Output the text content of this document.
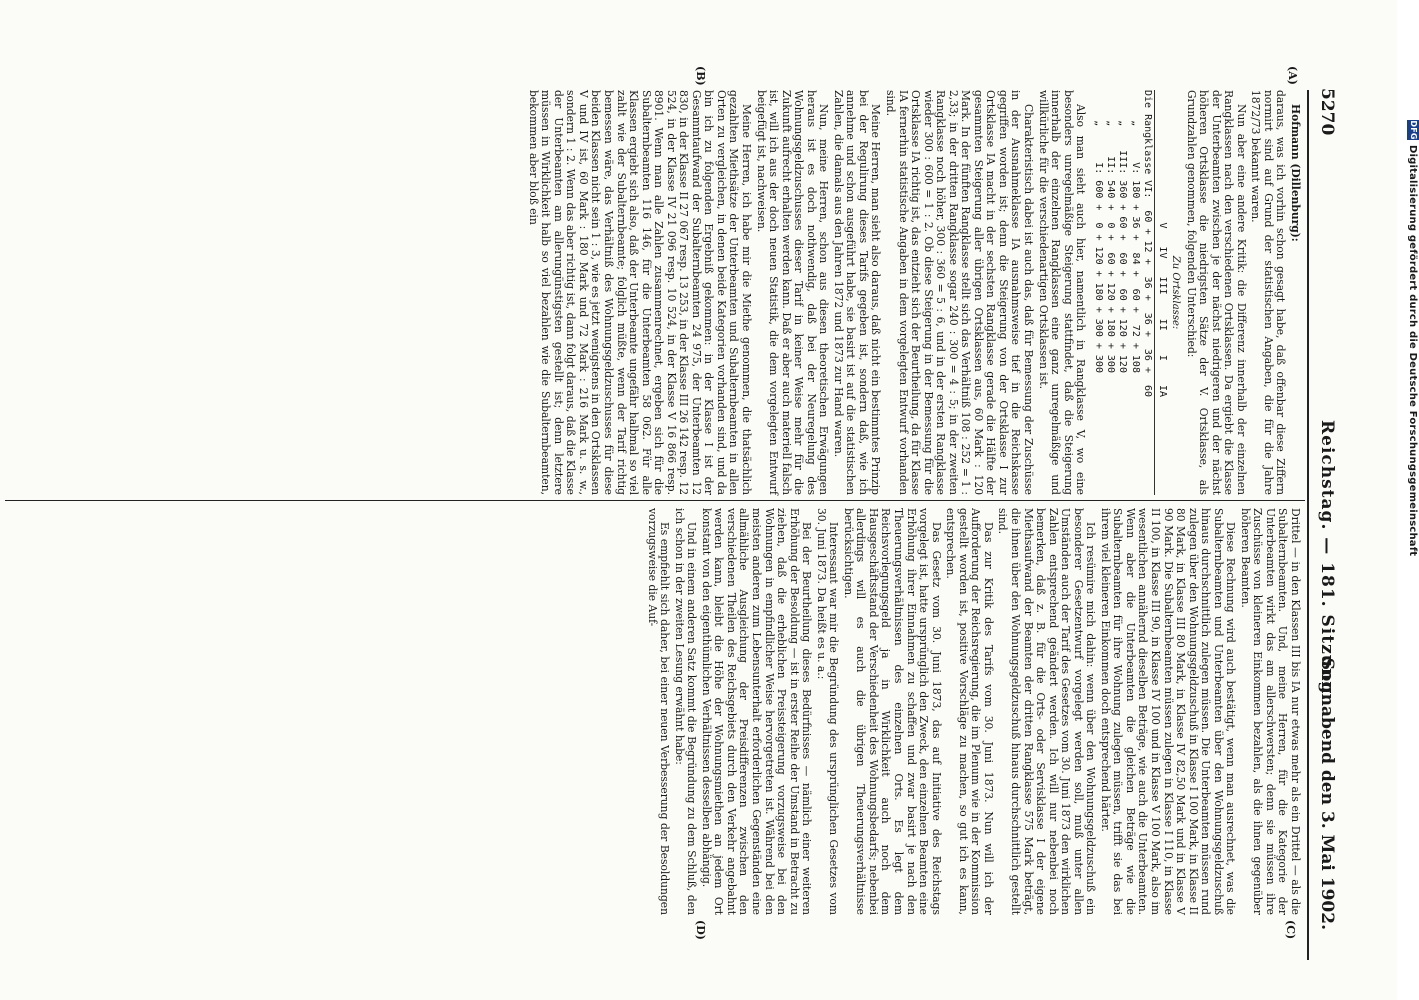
5270
Reichstag. — 181. Sitzung.
Sonnabend den 3. Mai 1902.
DFGDigitalisierung gefördert durch die Deutsche Forschungsgemeinschaft
(A)
(B)
(C)
(D)

Hofmann (Dillenburg):

daraus, was ich vorhin schon gesagt habe, daß offenbar diese Ziffern normirt sind auf Grund der statistischen Angaben, die für die Jahre 1872/73 bekannt waren.

Nun aber eine andere Kritik: die Differenz innerhalb der einzelnen Rangklassen nach den verschiedenen Ortsklassen. Da ergiebt die Klasse der Unterbeamten zwischen je der nächst niedrigeren und der nächst höheren Ortsklasse die niedrigsten Sätze der V. Ortsklasse, als Grundzahlen genommen, folgenden Unterschied:

Zu Ortsklasse:
V   IV   III    II    I    IA
Die Rangklasse VI:  60 + 12 +  36 +  36 +  36 +  60
„      V: 180 + 36 +  84 +  60 +  72 + 108
„    III: 360 + 60 +  60 +  60 + 120 + 120
„     II: 540 +  0 +  60 + 120 + 180 + 300
„      I: 600 +  0 + 120 + 180 + 300 + 300

Also man sieht auch hier, namentlich in Rangklasse V, wo eine besonders unregelmäßige Steigerung stattfindet, daß die Steigerung innerhalb der einzelnen Rangklassen eine ganz unregelmäßige und willkürliche für die verschiedenartigen Ortsklassen ist.

Charakteristisch dabei ist auch das, daß für Bemessung der Zuschüsse in der Ausnahmeklasse IA ausnahmsweise tief in die Reichskasse gegriffen worden ist; denn die Steigerung von der Ortsklasse I zur Ortsklasse IA macht in der sechsten Rangklasse gerade die Hälfte der gesammten Steigerung aller übrigen Ortsklassen aus, 60 Mark : 120 Mark. In der fünften Rangklasse stellt sich das Verhältniß 108 : 252 = 1 : 2,33; in der dritten Rangklasse sogar 240 : 300 = 4 : 5; in der zweiten Rangklasse noch höher, 300 : 360 = 5 : 6, und in der ersten Rangklasse wieder 300 : 600 = 1 : 2. Ob diese Steigerung in der Bemessung für die Ortsklasse IA richtig ist, das entzieht sich der Beurtheilung, da für Klasse IA fernerhin statistische Angaben in dem vorgelegten Entwurf vorhanden sind.

Meine Herren, man sieht also daraus, daß nicht ein bestimmtes Prinzip bei der Regulirung dieses Tarifs gegeben ist, sondern daß, wie ich annehme und schon ausgeführt habe, sie basirt ist auf die statistischen Zahlen, die damals aus den Jahren 1872 und 1873 zur Hand waren.

Nun, meine Herren, schon aus diesen theoretischen Erwägungen heraus ist es doch nothwendig, daß bei der Neuregelung des Wohnungsgeldzuschusses dieser Tarif in keiner Weise mehr für die Zukunft aufrecht erhalten werden kann. Daß er aber auch materiell falsch ist, will ich aus der doch neuen Statistik, die dem vorgelegten Entwurf beigefügt ist, nachweisen.

Meine Herren, ich habe mir die Miethe genommen, die thatsächlich gezahlten Miethsätze der Unterbeamten und Subalternbeamten in allen Orten zu vergleichen, in denen beide Kategorien vorhanden sind, und da bin ich zu folgenden Ergebniß gekommen: in der Klasse I ist der Gesammtaufwand der Subalternbeamten 24 975, der Unterbeamten 12 830, in der Klasse II 27 067 resp. 13 253, in der Klasse III 26 142 resp. 12 524, in der Klasse IV 21 096 resp. 10 524, in der Klasse V 16 866 resp. 8901. Wenn man alle Zahlen zusammenrechnet, ergeben sich für die Subalternbeamten 116 146, für die Unterbeamten 58 062. Für alle Klassen ergiebt sich also, daß der Unterbeamte ungefähr halbmal so viel zahlt wie der Subalternbeamte; folglich müßte, wenn der Tarif richtig bemessen wäre, das Verhältniß des Wohnungsgeldzuschusses für diese beiden Klassen nicht sein 1 : 3, wie es jetzt wenigstens in den Ortsklassen V und IV ist, 60 Mark : 180 Mark und 72 Mark : 216 Mark u. s. w., sondern 1 : 2. Wenn das aber richtig ist, dann folgt daraus, daß die Klasse der Unterbeamten am allerungünstigsten gestellt ist; denn letztere müssen in Wirklichkeit halb so viel bezahlen wie die Subalternbeamten, bekommen aber bloß ein

Drittel — in den Klassen III bis IA nur etwas mehr als ein Drittel — als die Subalternbeamten. Und, meine Herren, für die Kategorie der Unterbeamten wirkt das am allerschwersten; denn sie müssen ihre Zuschüsse von kleineren Einkommen bezahlen, als die ihnen gegenüber höheren Beamten.

Diese Rechnung wird auch bestätigt, wenn man ausrechnet, was die Subalternbeamten und Unterbeamten über den Wohnungsgeldzuschuß hinaus durchschnittlich zulegen müssen. Die Unterbeamten müssen rund zulegen über den Wohnungsgeldzuschuß in Klasse I 100 Mark, in Klasse II 80 Mark, in Klasse III 80 Mark, in Klasse IV 82,50 Mark und in Klasse V 90 Mark. Die Subalternbeamten müssen zulegen in Klasse I 110, in Klasse II 100, in Klasse III 90, in Klasse IV 100 und in Klasse V 100 Mark, also im wesentlichen annähernd dieselben Beträge, wie auch die Unterbeamten. Wenn aber die Unterbeamten die gleichen Beträge wie die Subalternbeamten für ihre Wohnung zulegen müssen, trifft sie das bei ihrem viel kleineren Einkommen doch entsprechend härter.

Ich resümire mich dahin: wenn über den Wohnungsgeldzuschuß ein besonderer Gesetzentwurf vorgelegt werden soll, muß unter allen Umständen auch der Tarif des Gesetzes vom 30. Juni 1873 den wirklichen Zahlen entsprechend geändert werden. Ich will nur nebenbei noch bemerken, daß z. B. für die Orts- oder Servisklasse I der eigene Miethsaufwand der Beamten der dritten Rangklasse 575 Mark beträgt, die ihnen über den Wohnungsgeldzuschuß hinaus durchschnittlich gestellt sind.

Das zur Kritik des Tarifs vom 30. Juni 1873. Nun will ich der Aufforderung der Reichsregierung, die im Plenum wie in der Kommission gestellt worden ist, positive Vorschläge zu machen, so gut ich es kann, entsprechen.

Das Gesetz vom 30. Juni 1873, das auf Initiative des Reichstags vorgelegt ist, hatte ursprünglich den Zweck, den einzelnen Beamten eine Erhöhung ihrer Einnahmen zu schaffen und zwar basirt je nach den Theuerungsverhältnissen des einzelnen Orts. Es legt dem Reichsvorlegungsgeld ja in Wirklichkeit auch noch dem Hausgeschäftsstand der Verschiedenheit des Wohnungsbedarfs; nebenbei allerdings will es auch die übrigen Theuerungsverhältnisse berücksichtigen.

Interessant war mir die Begründung des ursprünglichen Gesetzes vom 30. Juni 1873. Da heißt es u. a.:

Bei der Beurtheilung dieses Bedürfnisses — nämlich einer weiteren Erhöhung der Besoldung — ist in erster Reihe der Umstand in Betracht zu ziehen, daß die erheblichen Preissteigerung vorzugsweise bei den Wohnungen in empfindlicher Weise hervorgetreten ist. Während bei den meisten anderen zum Lebensunterhalt erforderlichen Gegenständen eine allmähliche Ausgleichung der Preisdifferenzen zwischen den verschiedenen Theilen des Reichsgebiets durch den Verkehr angebahnt werden kann, bleibt die Höhe der Wohnungsmiethen an jedem Ort konstant von den eigenthümlichen Verhältnissen desselben abhängig.

Und in einem anderen Satz kommt die Begründung zu dem Schluß, den ich schon in der zweiten Lesung erwähnt habe:

Es empfiehlt sich daher, bei einer neuen Verbesserung der Besoldungen vorzugsweise die Auf-
